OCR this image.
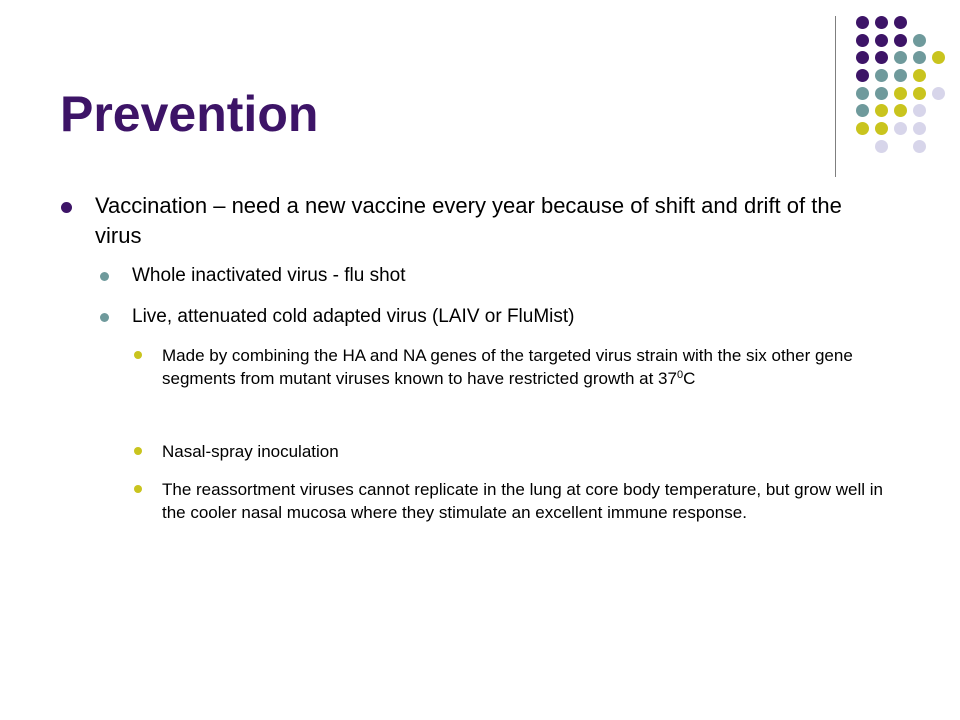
Prevention

Vaccination – need a new vaccine every year because of shift and drift of the virus

Whole inactivated virus - flu shot

Live, attenuated cold adapted virus (LAIV or FluMist)

Made by combining the HA and NA genes of the targeted virus strain with the six other gene segments from mutant viruses known to have restricted growth at $37^0C$

Nasal-spray inoculation

The reassortment viruses cannot replicate in the lung at core body temperature, but grow well in the cooler nasal mucosa where they stimulate an excellent immune response.
